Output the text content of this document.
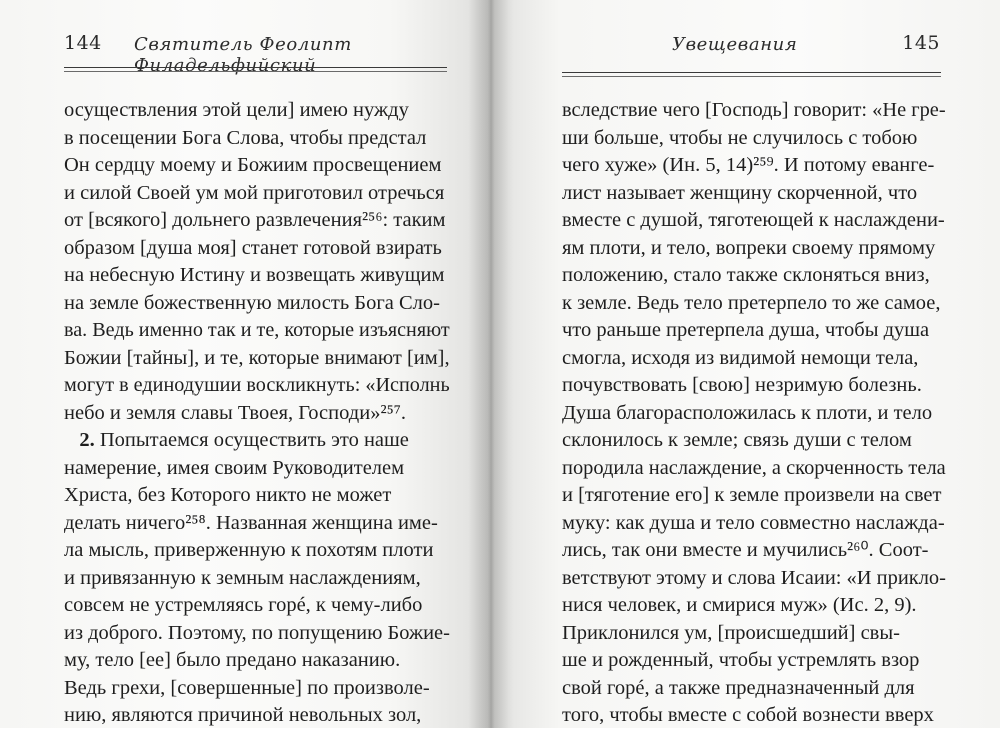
144 Святитель Феолипт Филадельфийский
Увещевания	145
осуществления этой цели] имею нужду
в посещении Бога Слова, чтобы предстал
Он сердцу моему и Божиим просвещением
и силой Своей ум мой приготовил отречься
от [всякого] дольнего развлечения²⁵⁶: таким
образом [душа моя] станет готовой взирать
на небесную Истину и возвещать живущим
на земле божественную милость Бога Сло-
ва. Ведь именно так и те, которые изъясняют
Божии [тайны], и те, которые внимают [им],
могут в единодушии воскликнуть: «Исполнь
небо и земля славы Твоея, Господи»²⁵⁷.
2. Попытаемся осуществить это наше
намерение, имея своим Руководителем
Христа, без Которого никто не может
делать ничего²⁵⁸. Названная женщина име-
ла мысль, приверженную к похотям плоти
и привязанную к земным наслаждениям,
совсем не устремляясь горé, к чему-либо
из доброго. Поэтому, по попущению Божие-
му, тело [ее] было предано наказанию.
Ведь грехи, [совершенные] по произволе-
нию, являются причиной невольных зол,
вследствие чего [Господь] говорит: «Не гре-
ши больше, чтобы не случилось с тобою
чего хуже» (Ин. 5, 14)²⁵⁹. И потому еванге-
лист называет женщину скорченной, что
вместе с душой, тяготеющей к наслаждени-
ям плоти, и тело, вопреки своему прямому
положению, стало также склоняться вниз,
к земле. Ведь тело претерпело то же самое,
что раньше претерпела душа, чтобы душа
смогла, исходя из видимой немощи тела,
почувствовать [свою] незримую болезнь.
Душа благорасположилась к плоти, и тело
склонилось к земле; связь души с телом
породила наслаждение, а скорченность тела
и [тяготение его] к земле произвели на свет
муку: как душа и тело совместно наслажда-
лись, так они вместе и мучились²⁶⁰. Соот-
ветствуют этому и слова Исаии: «И прикло-
нися человек, и смирися муж» (Ис. 2, 9).
Приклонился ум, [происшедший] свы-
ше и рожденный, чтобы устремлять взор
свой горé, а также предназначенный для
того, чтобы вместе с собой вознести вверх
